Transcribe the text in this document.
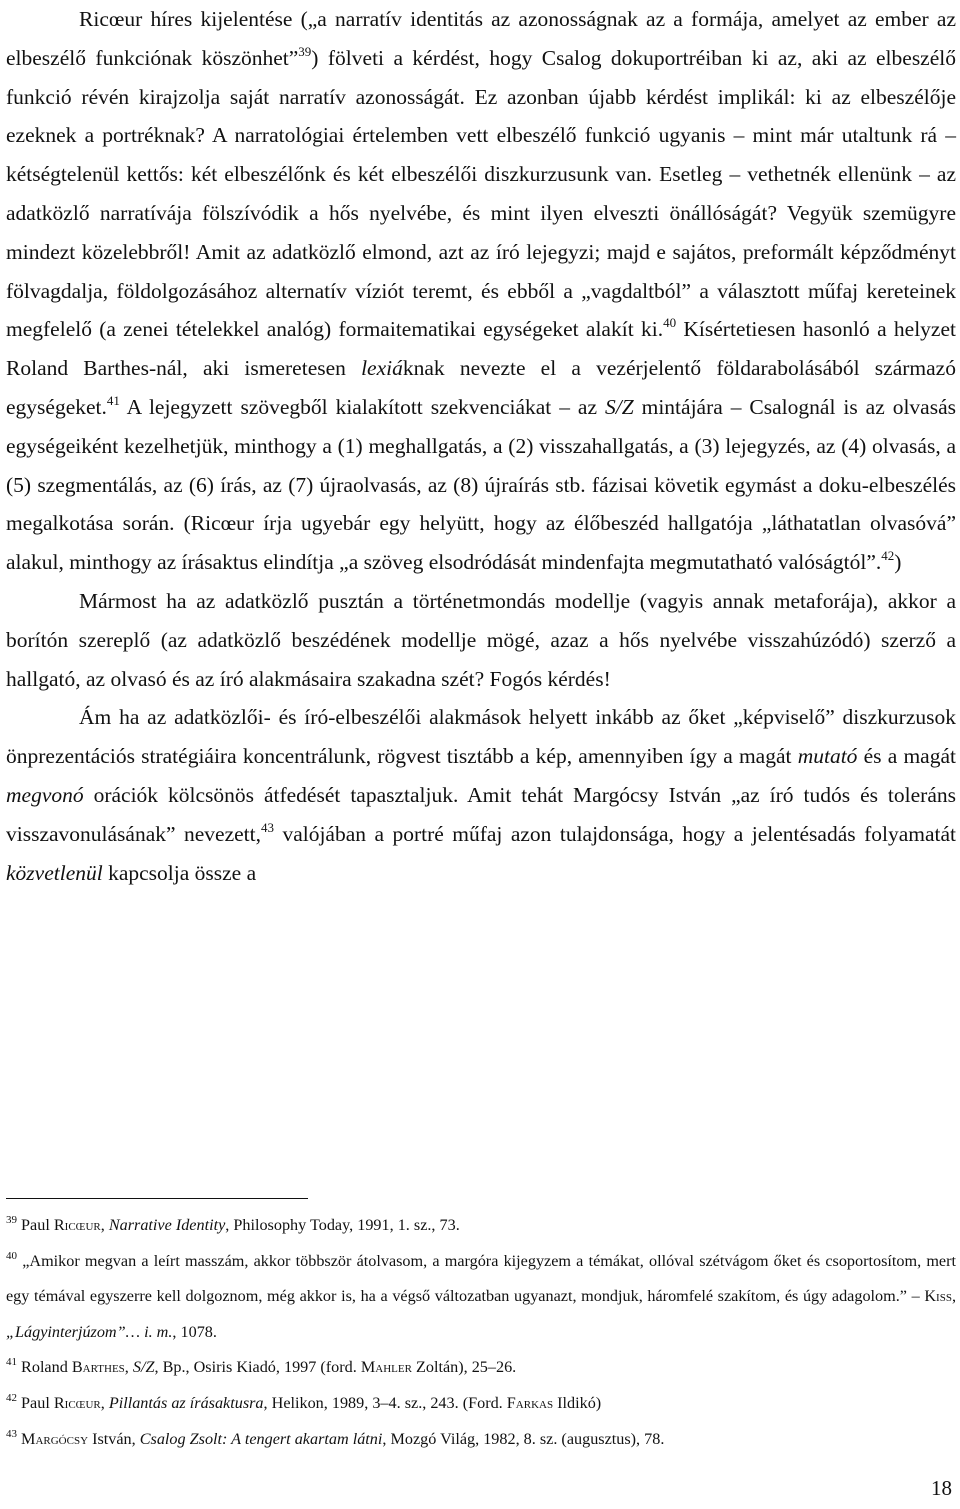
Ricœur híres kijelentése („a narratív identitás az azonosságnak az a formája, amelyet az ember az elbeszélő funkciónak köszönhet”$^{39}$) fölveti a kérdést, hogy Csalog dokuportréiban ki az, aki az elbeszélő funkció révén kirajzolja saját narratív azonosságát. Ez azonban újabb kérdést implikál: ki az elbeszélője ezeknek a portréknak? A narratológiai értelemben vett elbeszélő funkció ugyanis – mint már utaltunk rá – kétségtelenül kettős: két elbeszélőnk és két elbeszélői diszkurzusunk van. Esetleg – vethetnék ellenünk – az adatközlő narratívája fölszívódik a hős nyelvébe, és mint ilyen elveszti önállóságát? Vegyük szemügyre mindezt közelebbről! Amit az adatközlő elmond, azt az író lejegyzi; majd e sajátos, preformált képződményt fölvagdalja, földolgozásához alternatív víziót teremt, és ebből a „vagdaltból” a választott műfaj kereteinek megfelelő (a zenei tételekkel analóg) formaitematikai egységeket alakít ki.$^{40}$ Kísértetiesen hasonló a helyzet Roland Barthes-nál, aki ismeretesen lexiáknak nevezte el a vezérjelentő földarabolásából származó egységeket.$^{41}$ A lejegyzett szövegből kialakított szekvenciákat – az S/Z mintájára – Csalognál is az olvasás egységeiként kezelhetjük, minthogy a (1) meghallgatás, a (2) visszahallgatás, a (3) lejegyzés, az (4) olvasás, a (5) szegmentálás, az (6) írás, az (7) újraolvasás, az (8) újraírás stb. fázisai követik egymást a doku-elbeszélés megalkotása során. (Ricœur írja ugyebár egy helyütt, hogy az élőbeszéd hallgatója „láthatatlan olvasóvá” alakul, minthogy az írásaktus elindítja „a szöveg elsodródását mindenfajta megmutatható valóságtól”.$^{42}$)

Mármost ha az adatközlő pusztán a történetmondás modellje (vagyis annak metaforája), akkor a borítón szereplő (az adatközlő beszédének modellje mögé, azaz a hős nyelvébe visszahúzódó) szerző a hallgató, az olvasó és az író alakmásaira szakadna szét? Fogós kérdés!

Ám ha az adatközlői- és író-elbeszélői alakmások helyett inkább az őket „képviselő” diszkurzusok önprezentációs stratégiáira koncentrálunk, rögvest tisztább a kép, amennyiben így a magát mutató és a magát megvonó orációk kölcsönös átfedését tapasztaljuk. Amit tehát Margócsy István „az író tudós és toleráns visszavonulásának” nevezett,$^{43}$ valójában a portré műfaj azon tulajdonsága, hogy a jelentésadás folyamatát közvetlenül kapcsolja össze a

$^{39}$ Paul Ricœur, Narrative Identity, Philosophy Today, 1991, 1. sz., 73.

$^{40}$ „Amikor megvan a leírt masszám, akkor többször átolvasom, a margóra kijegyzem a témákat, ollóval szétvágom őket és csoportosítom, mert egy témával egyszerre kell dolgoznom, még akkor is, ha a végső változatban ugyanazt, mondjuk, háromfelé szakítom, és úgy adagolom.” – Kiss, „Lágyinterjúzom”… i. m., 1078.

$^{41}$ Roland Barthes, S/Z, Bp., Osiris Kiadó, 1997 (ford. Mahler Zoltán), 25–26.

$^{42}$ Paul Ricœur, Pillantás az írásaktusra, Helikon, 1989, 3–4. sz., 243. (Ford. Farkas Ildikó)

$^{43}$ Margócsy István, Csalog Zsolt: A tengert akartam látni, Mozgó Világ, 1982, 8. sz. (augusztus), 78.

18
